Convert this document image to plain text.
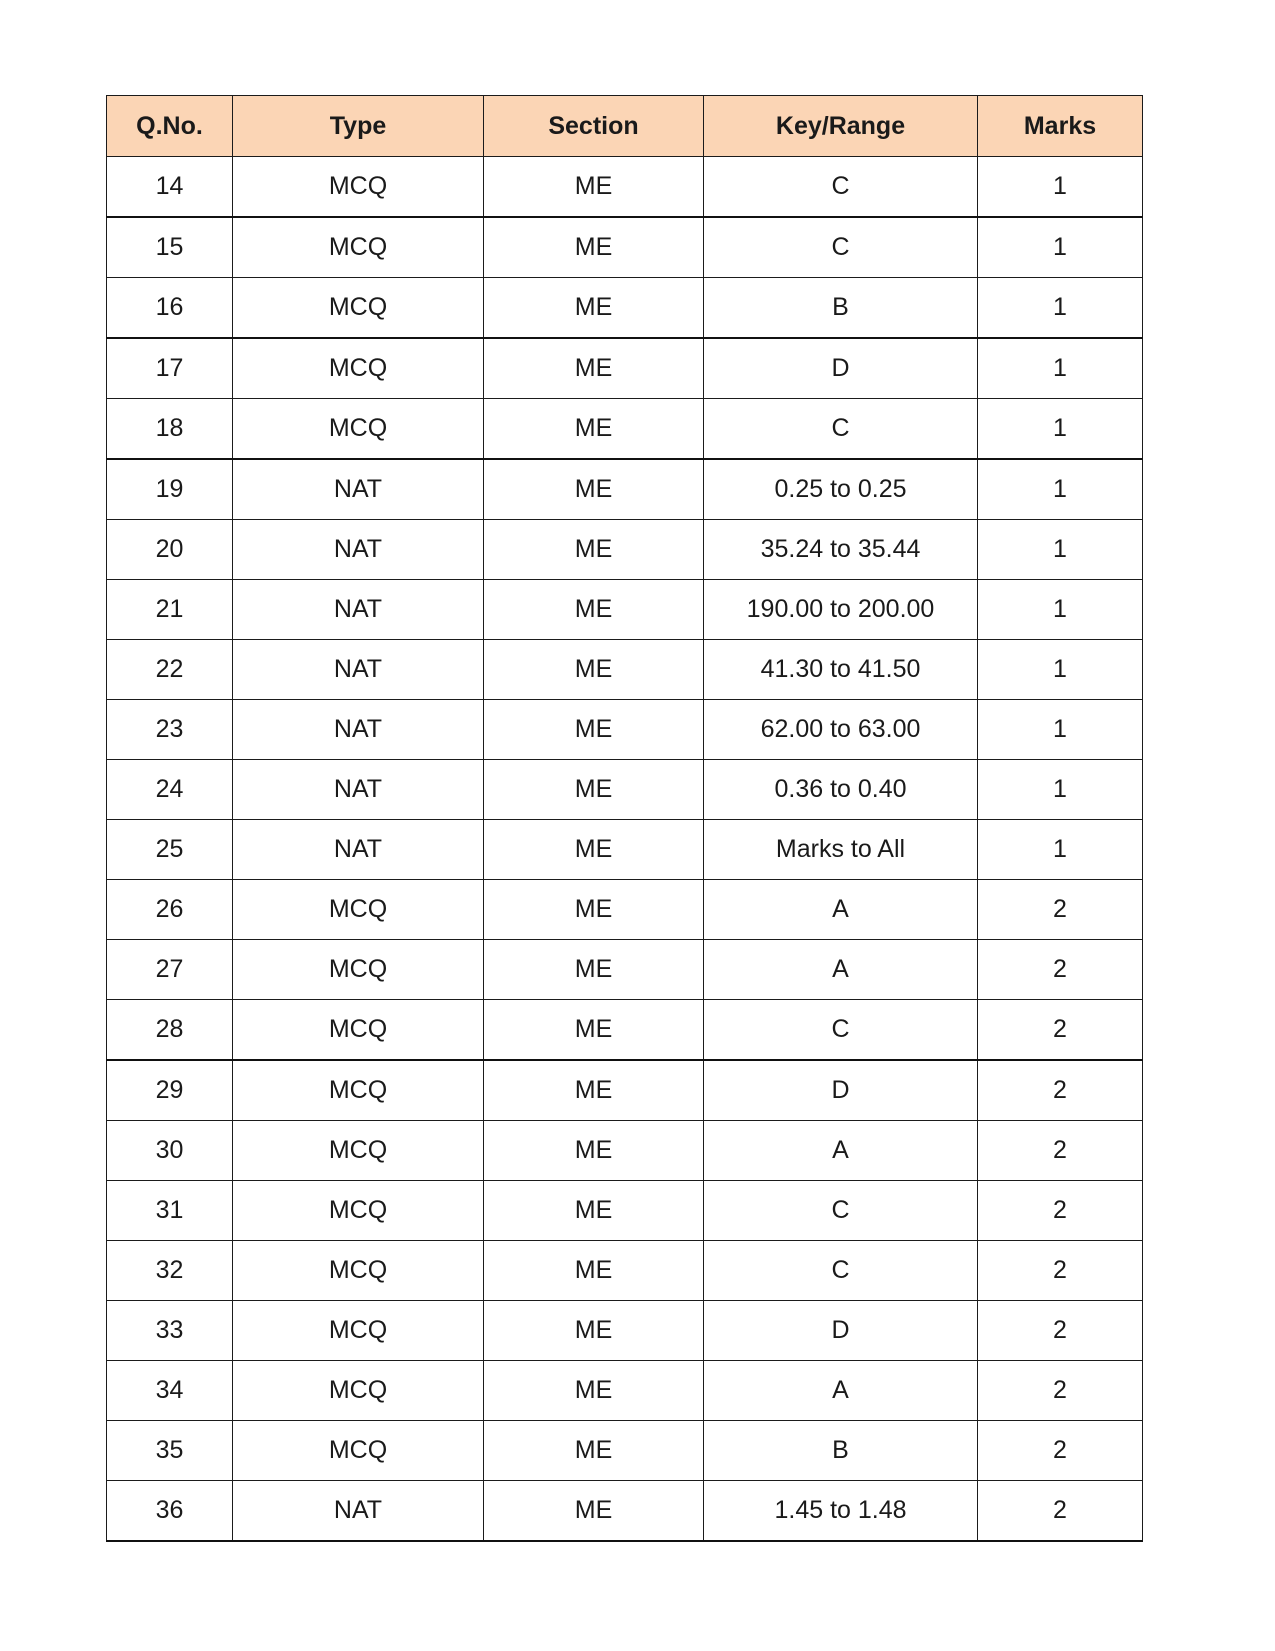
Q.No.	Type	Section	Key/Range	Marks
14	MCQ	ME	C	1
15	MCQ	ME	C	1
16	MCQ	ME	B	1
17	MCQ	ME	D	1
18	MCQ	ME	C	1
19	NAT	ME	0.25 to 0.25	1
20	NAT	ME	35.24 to 35.44	1
21	NAT	ME	190.00 to 200.00	1
22	NAT	ME	41.30 to 41.50	1
23	NAT	ME	62.00 to 63.00	1
24	NAT	ME	0.36 to 0.40	1
25	NAT	ME	Marks to All	1
26	MCQ	ME	A	2
27	MCQ	ME	A	2
28	MCQ	ME	C	2
29	MCQ	ME	D	2
30	MCQ	ME	A	2
31	MCQ	ME	C	2
32	MCQ	ME	C	2
33	MCQ	ME	D	2
34	MCQ	ME	A	2
35	MCQ	ME	B	2
36	NAT	ME	1.45 to 1.48	2
